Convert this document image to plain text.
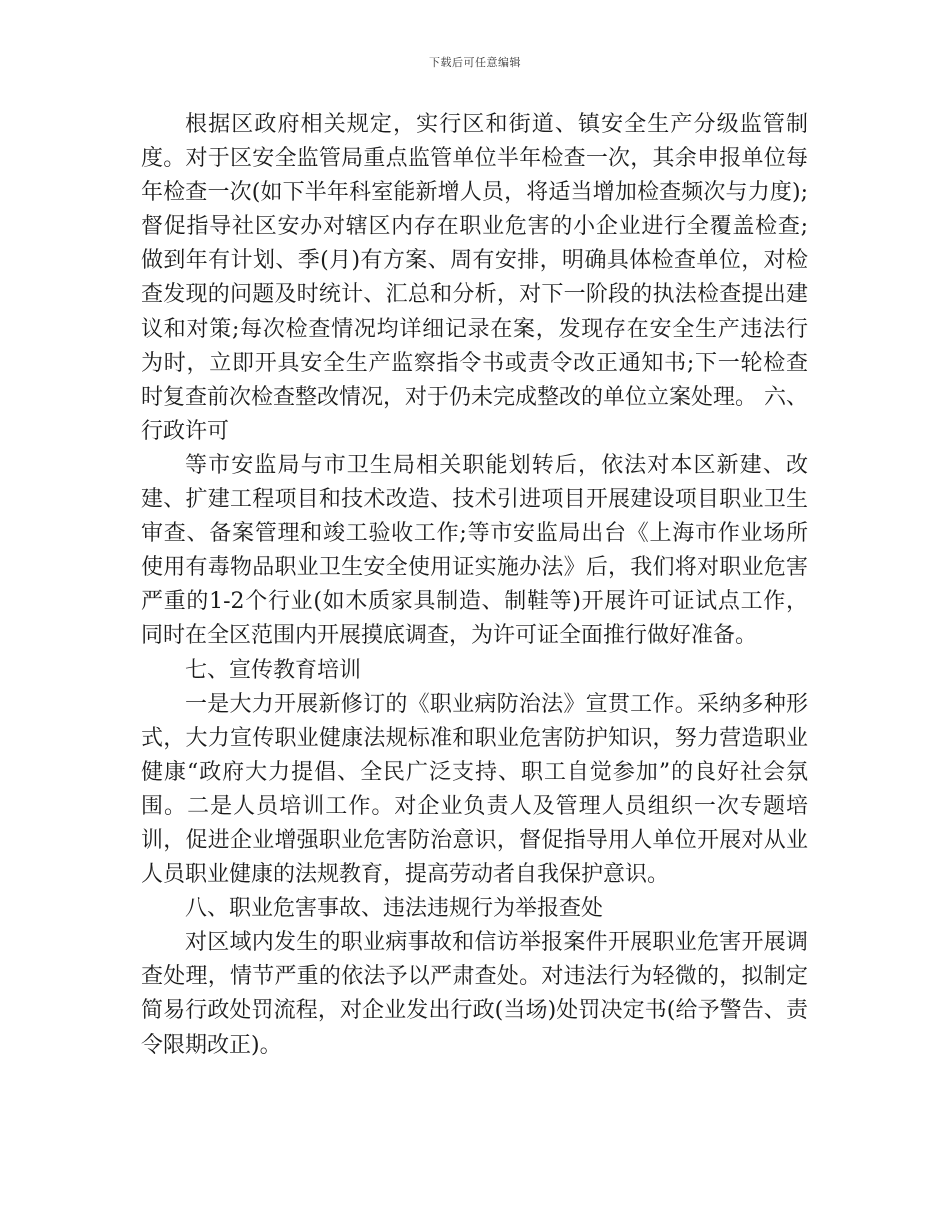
下载后可任意编辑

根据区政府相关规定，实行区和街道、镇安全生产分级监管制度。对于区安全监管局重点监管单位半年检查一次，其余申报单位每年检查一次(如下半年科室能新增人员，将适当增加检查频次与力度);督促指导社区安办对辖区内存在职业危害的小企业进行全覆盖检查;做到年有计划、季(月)有方案、周有安排，明确具体检查单位，对检查发现的问题及时统计、汇总和分析，对下一阶段的执法检查提出建议和对策;每次检查情况均详细记录在案，发现存在安全生产违法行为时，立即开具安全生产监察指令书或责令改正通知书;下一轮检查时复查前次检查整改情况，对于仍未完成整改的单位立案处理。 六、行政许可

等市安监局与市卫生局相关职能划转后，依法对本区新建、改建、扩建工程项目和技术改造、技术引进项目开展建设项目职业卫生审查、备案管理和竣工验收工作;等市安监局出台《上海市作业场所使用有毒物品职业卫生安全使用证实施办法》后，我们将对职业危害严重的1-2个行业(如木质家具制造、制鞋等)开展许可证试点工作，同时在全区范围内开展摸底调查，为许可证全面推行做好准备。

七、宣传教育培训

一是大力开展新修订的《职业病防治法》宣贯工作。采纳多种形式，大力宣传职业健康法规标准和职业危害防护知识，努力营造职业健康“政府大力提倡、全民广泛支持、职工自觉参加”的良好社会氛围。二是人员培训工作。对企业负责人及管理人员组织一次专题培训，促进企业增强职业危害防治意识，督促指导用人单位开展对从业人员职业健康的法规教育，提高劳动者自我保护意识。

八、职业危害事故、违法违规行为举报查处

对区域内发生的职业病事故和信访举报案件开展职业危害开展调查处理，情节严重的依法予以严肃查处。对违法行为轻微的，拟制定简易行政处罚流程，对企业发出行政(当场)处罚决定书(给予警告、责令限期改正)。
